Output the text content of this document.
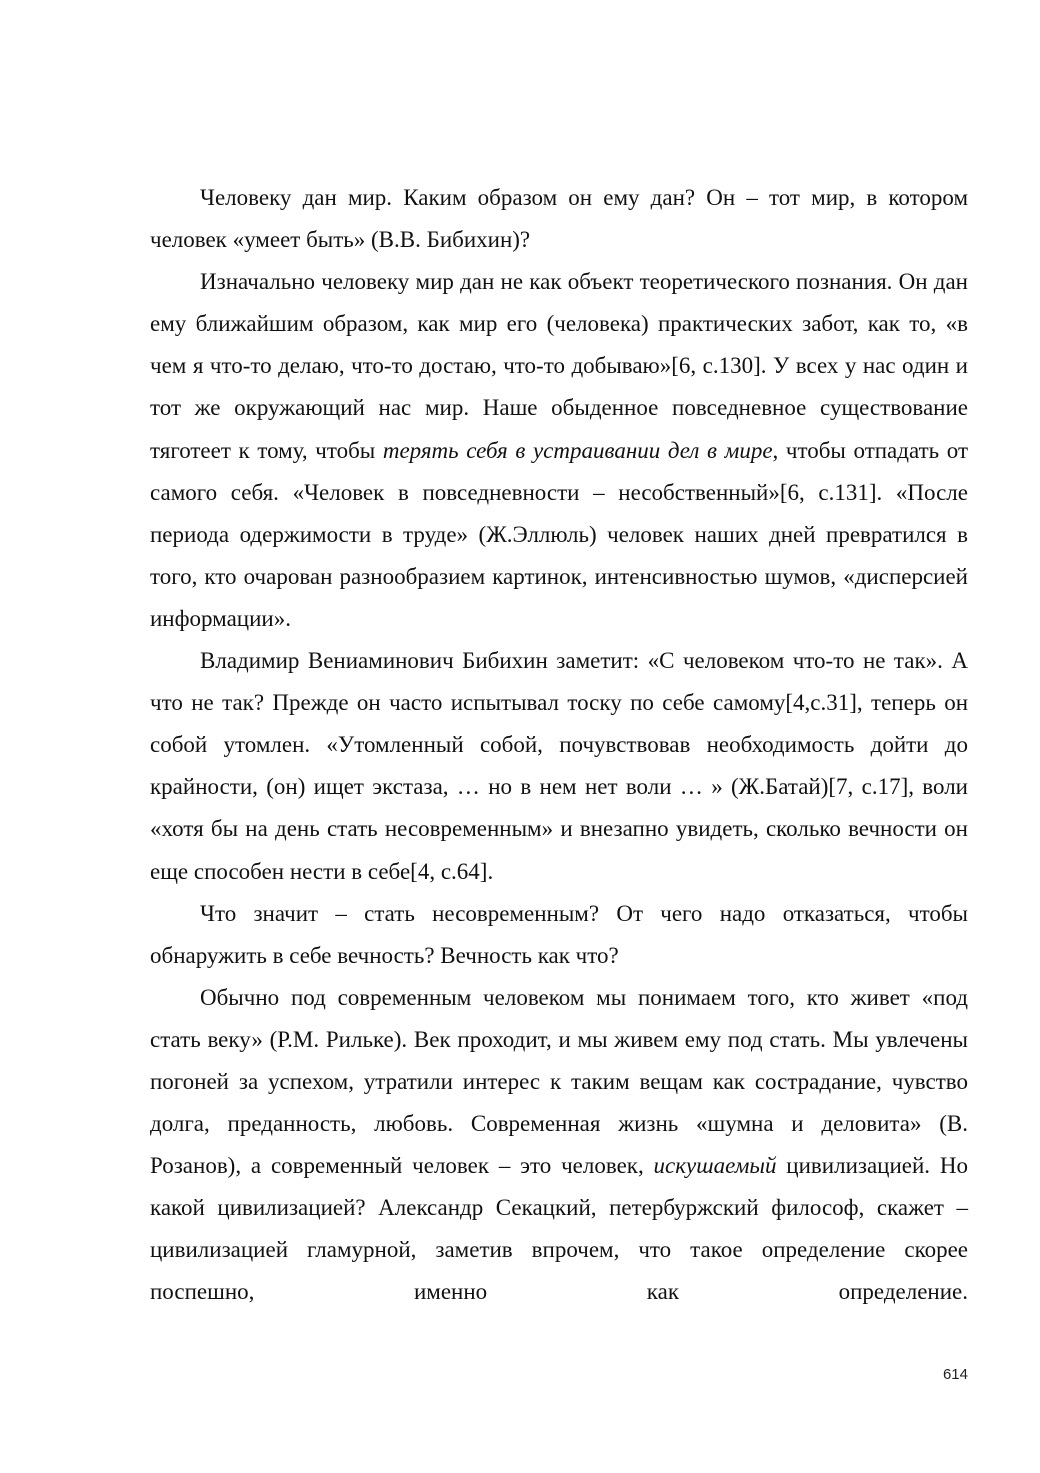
Человеку дан мир. Каким образом он ему дан? Он – тот мир, в котором человек «умеет быть» (В.В. Бибихин)?

Изначально человеку мир дан не как объект теоретического познания. Он дан ему ближайшим образом, как мир его (человека) практических забот, как то, «в чем я что-то делаю, что-то достаю, что-то добываю»[6, с.130]. У всех у нас один и тот же окружающий нас мир. Наше обыденное повседневное существование тяготеет к тому, чтобы терять себя в устраивании дел в мире, чтобы отпадать от самого себя. «Человек в повседневности – несобственный»[6, с.131]. «После периода одержимости в труде» (Ж.Эллюль) человек наших дней превратился в того, кто очарован разнообразием картинок, интенсивностью шумов, «дисперсией информации».

Владимир Вениаминович Бибихин заметит: «С человеком что-то не так». А что не так? Прежде он часто испытывал тоску по себе самому[4,с.31], теперь он собой утомлен. «Утомленный собой, почувствовав необходимость дойти до крайности, (он) ищет экстаза, … но в нем нет воли … » (Ж.Батай)[7, с.17], воли «хотя бы на день стать несовременным» и внезапно увидеть, сколько вечности он еще способен нести в себе[4, с.64].

Что значит – стать несовременным? От чего надо отказаться, чтобы обнаружить в себе вечность? Вечность как что?

Обычно под современным человеком мы понимаем того, кто живет «под стать веку» (Р.М. Рильке). Век проходит, и мы живем ему под стать. Мы увлечены погоней за успехом, утратили интерес к таким вещам как сострадание, чувство долга, преданность, любовь. Современная жизнь «шумна и деловита» (В. Розанов), а современный человек – это человек, искушаемый цивилизацией. Но какой цивилизацией? Александр Секацкий, петербуржский философ, скажет – цивилизацией гламурной, заметив впрочем, что такое определение скорее поспешно, именно как определение.

614
